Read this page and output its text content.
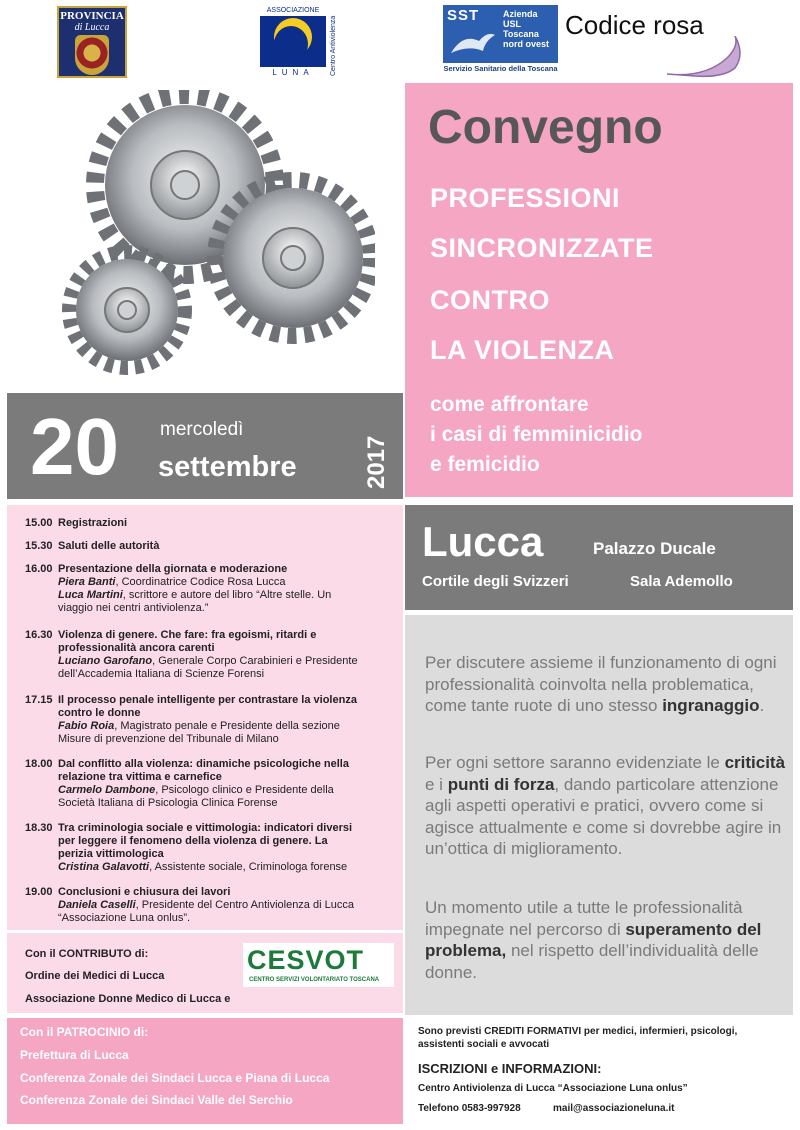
PROVINCIA
di Lucca
ASSOCIAZIONE
LUNA	Centro Antiviolenza
SST	Azienda
USL
Toscana
nord ovest
Servizio Sanitario della Toscana
Codice rosa
Convegno
PROFESSIONI
SINCRONIZZATE
CONTRO
LA VIOLENZA
come affrontare
i casi di femminicidio
e femicidio
20 mercoledì
settembre	2017
Lucca	Palazzo Ducale
Cortile degli Svizzeri	Sala Ademollo
Per discutere assieme il funzionamento di ogni professionalità coinvolta nella problematica, come tante ruote di uno stesso ingranaggio.
Per ogni settore saranno evidenziate le criticità e i punti di forza, dando particolare attenzione agli aspetti operativi e pratici, ovvero come si agisce attualmente e come si dovrebbe agire in un’ottica di miglioramento.
Un momento utile a tutte le professionalità impegnate nel percorso di superamento del problema, nel rispetto dell’individualità delle donne.
15.00 Registrazioni
15.30 Saluti delle autorità
16.00 Presentazione della giornata e moderazione
Piera Banti, Coordinatrice Codice Rosa Lucca
Luca Martini, scrittore e autore del libro “Altre stelle. Un viaggio nei centri antiviolenza.”
16.30 Violenza di genere. Che fare: fra egoismi, ritardi e professionalità ancora carenti
Luciano Garofano, Generale Corpo Carabinieri e Presidente dell’Accademia Italiana di Scienze Forensi
17.15 Il processo penale intelligente per contrastare la violenza contro le donne
Fabio Roia, Magistrato penale e Presidente della sezione Misure di prevenzione del Tribunale di Milano
18.00 Dal conflitto alla violenza: dinamiche psicologiche nella relazione tra vittima e carnefice
Carmelo Dambone, Psicologo clinico e Presidente della Società Italiana di Psicologia Clinica Forense
18.30 Tra criminologia sociale e vittimologia: indicatori diversi per leggere il fenomeno della violenza di genere. La perizia vittimologica
Cristina Galavotti, Assistente sociale, Criminologa forense
19.00 Conclusioni e chiusura dei lavori
Daniela Caselli, Presidente del Centro Antiviolenza di Lucca “Associazione Luna onlus”.
Con il CONTRIBUTO di:
Ordine dei Medici di Lucca
Associazione Donne Medico di Lucca e
CESVOT
CENTRO SERVIZI VOLONTARIATO TOSCANA
Con il PATROCINIO di:
Prefettura di Lucca
Conferenza Zonale dei Sindaci Lucca e Piana di Lucca
Conferenza Zonale dei Sindaci Valle del Serchio
Sono previsti CREDITI FORMATIVI per medici, infermieri, psicologi,
assistenti sociali e avvocati
ISCRIZIONI e INFORMAZIONI:
Centro Antiviolenza di Lucca “Associazione Luna onlus”
Telefono 0583-997928	mail@associazioneluna.it
